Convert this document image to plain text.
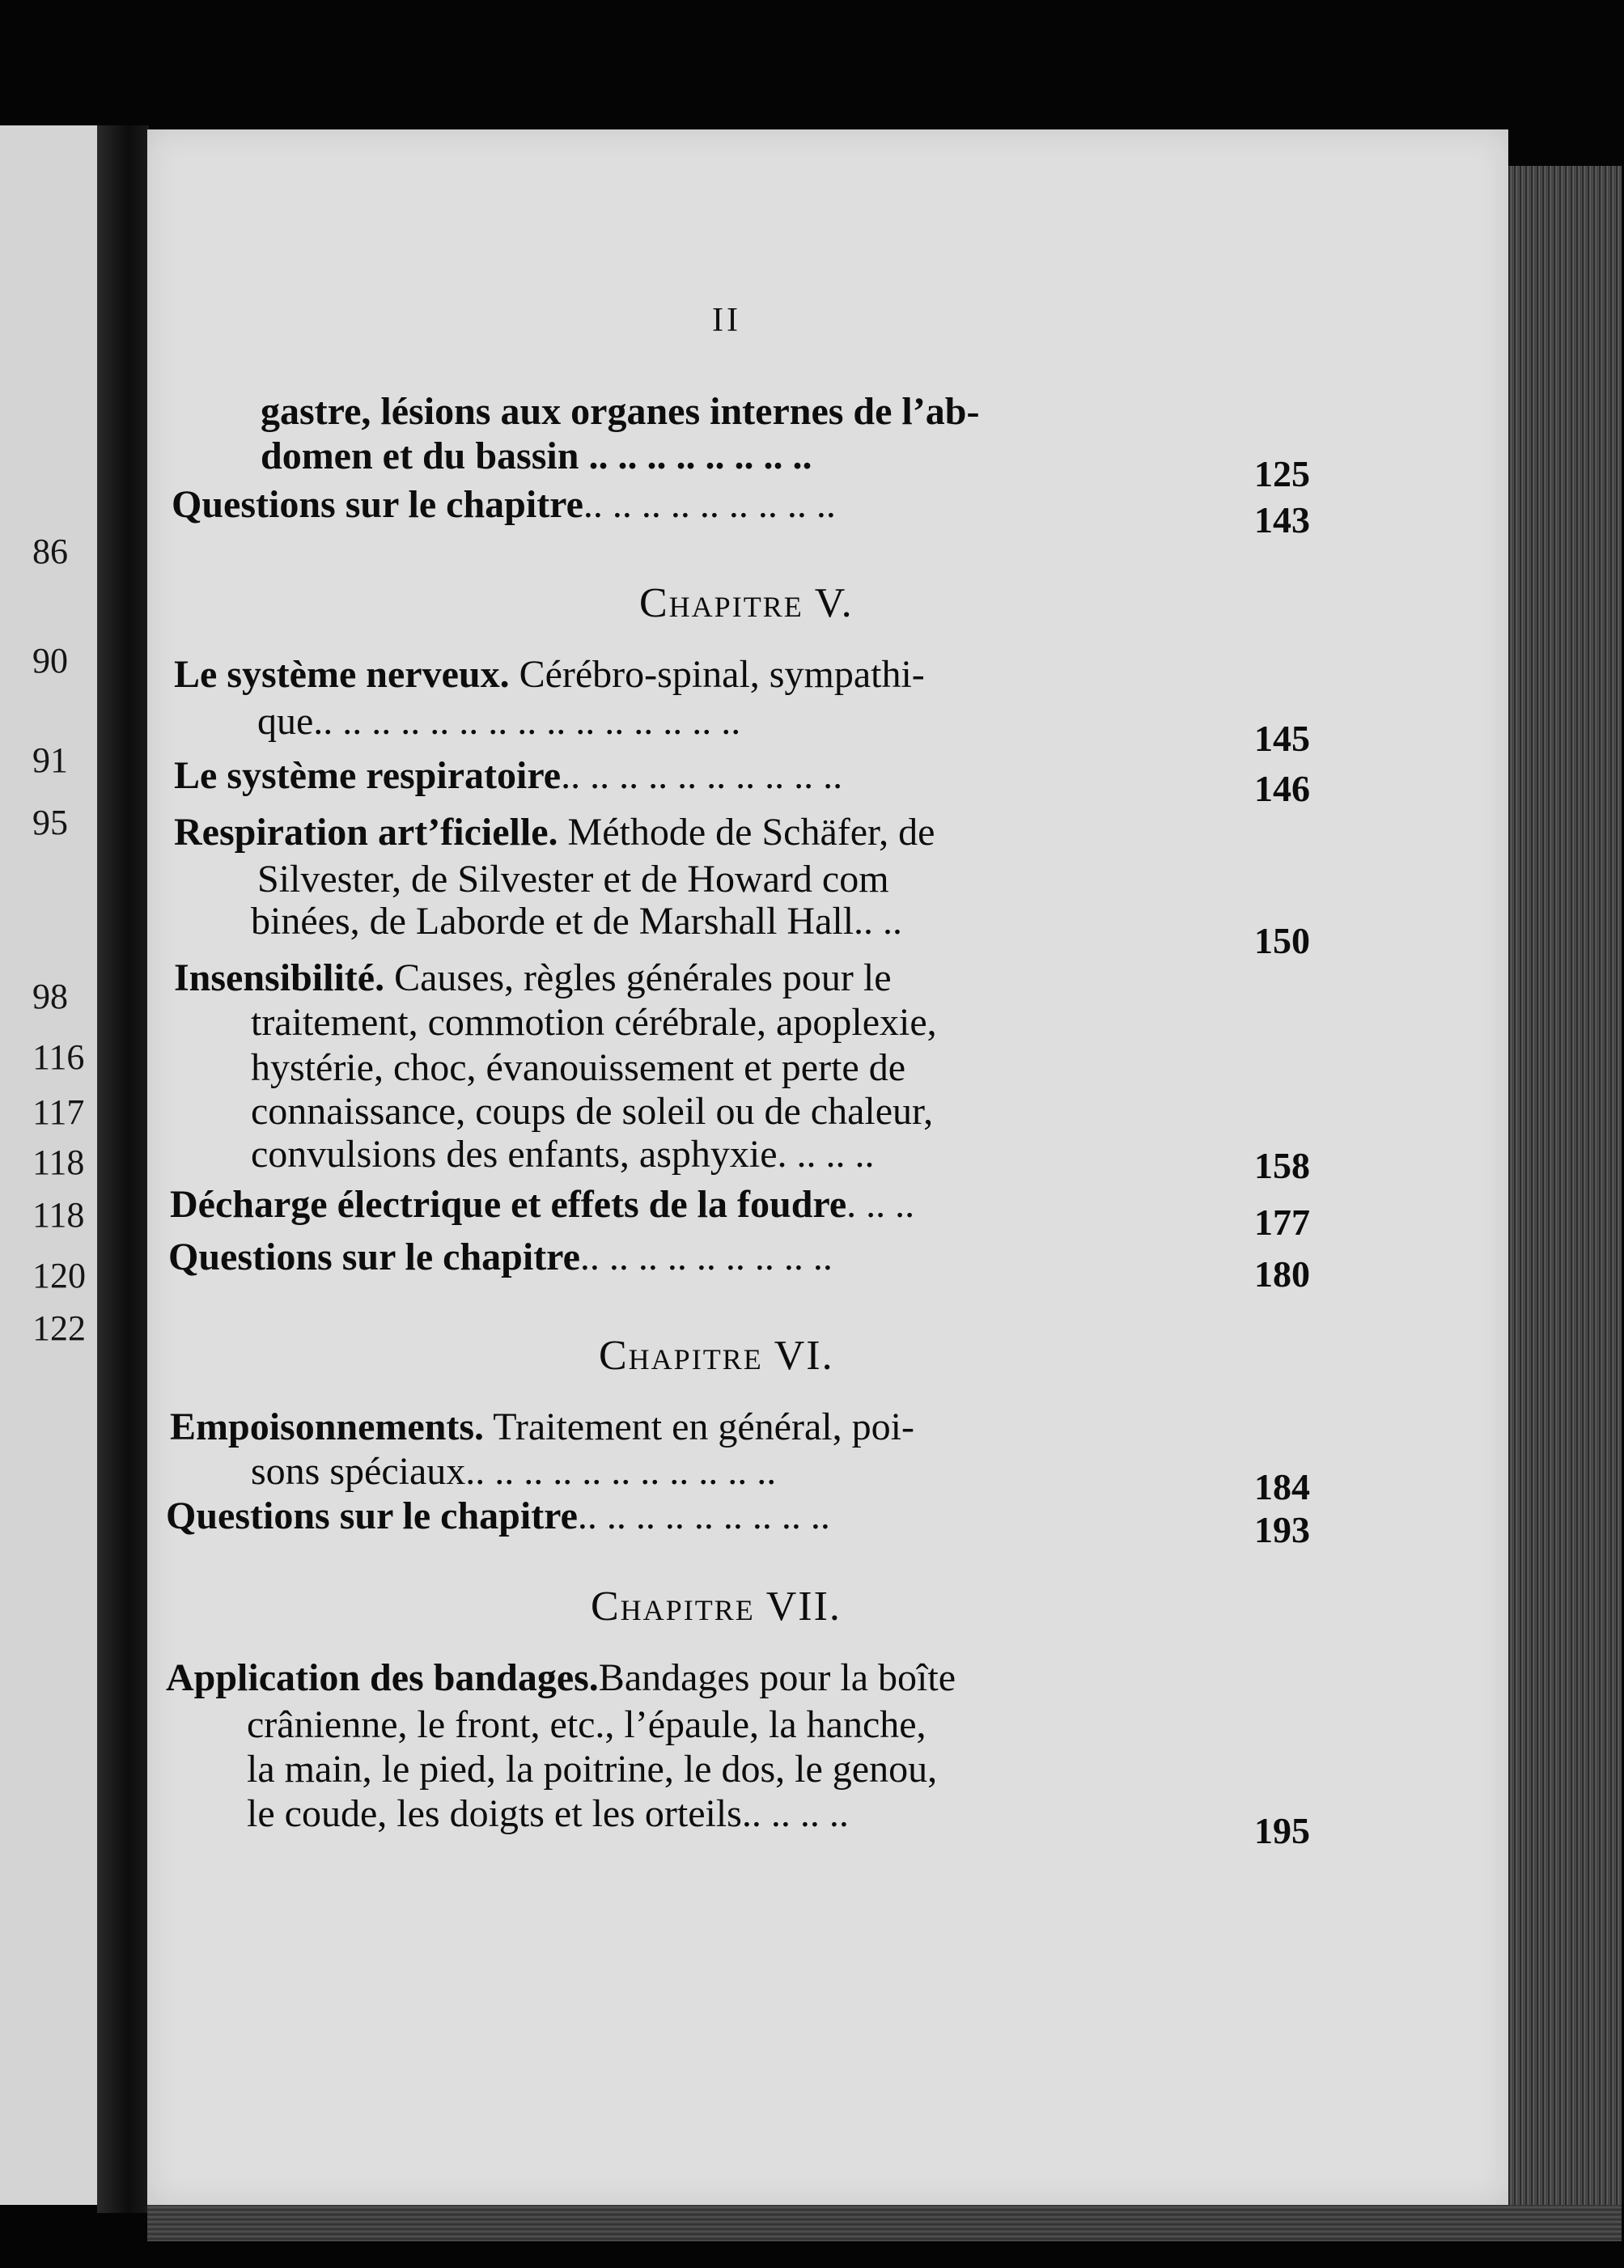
86
90
91
95
98
116
117
118
118
120
122
II
gastre, lésions aux organes internes de l’ab-
domen et du bassin .. .. .. .. .. .. .. ..	125
Questions sur le chapitre.. .. .. .. .. .. .. .. ..	143
Chapitre V.
Le système nerveux. Cérébro-spinal, sympathi-
que.. .. .. .. .. .. .. .. .. .. .. .. .. .. ..	145
Le système respiratoire.. .. .. .. .. .. .. .. .. ..	146
Respiration art’ficielle. Méthode de Schäfer, de
Silvester, de Silvester et de Howard com
binées, de Laborde et de Marshall Hall.. ..	150
Insensibilité. Causes, règles générales pour le
traitement, commotion cérébrale, apoplexie,
hystérie, choc, évanouissement et perte de
connaissance, coups de soleil ou de chaleur,
convulsions des enfants, asphyxie. .. .. ..	158
Décharge électrique et effets de la foudre. .. ..	177
Questions sur le chapitre.. .. .. .. .. .. .. .. ..	180
Chapitre VI.
Empoisonnements. Traitement en général, poi-
sons spéciaux.. .. .. .. .. .. .. .. .. .. ..	184
Questions sur le chapitre.. .. .. .. .. .. .. .. ..	193
Chapitre VII.
Application des bandages.Bandages pour la boîte
crânienne, le front, etc., l’épaule, la hanche,
la main, le pied, la poitrine, le dos, le genou,
le coude, les doigts et les orteils.. .. .. ..	195
